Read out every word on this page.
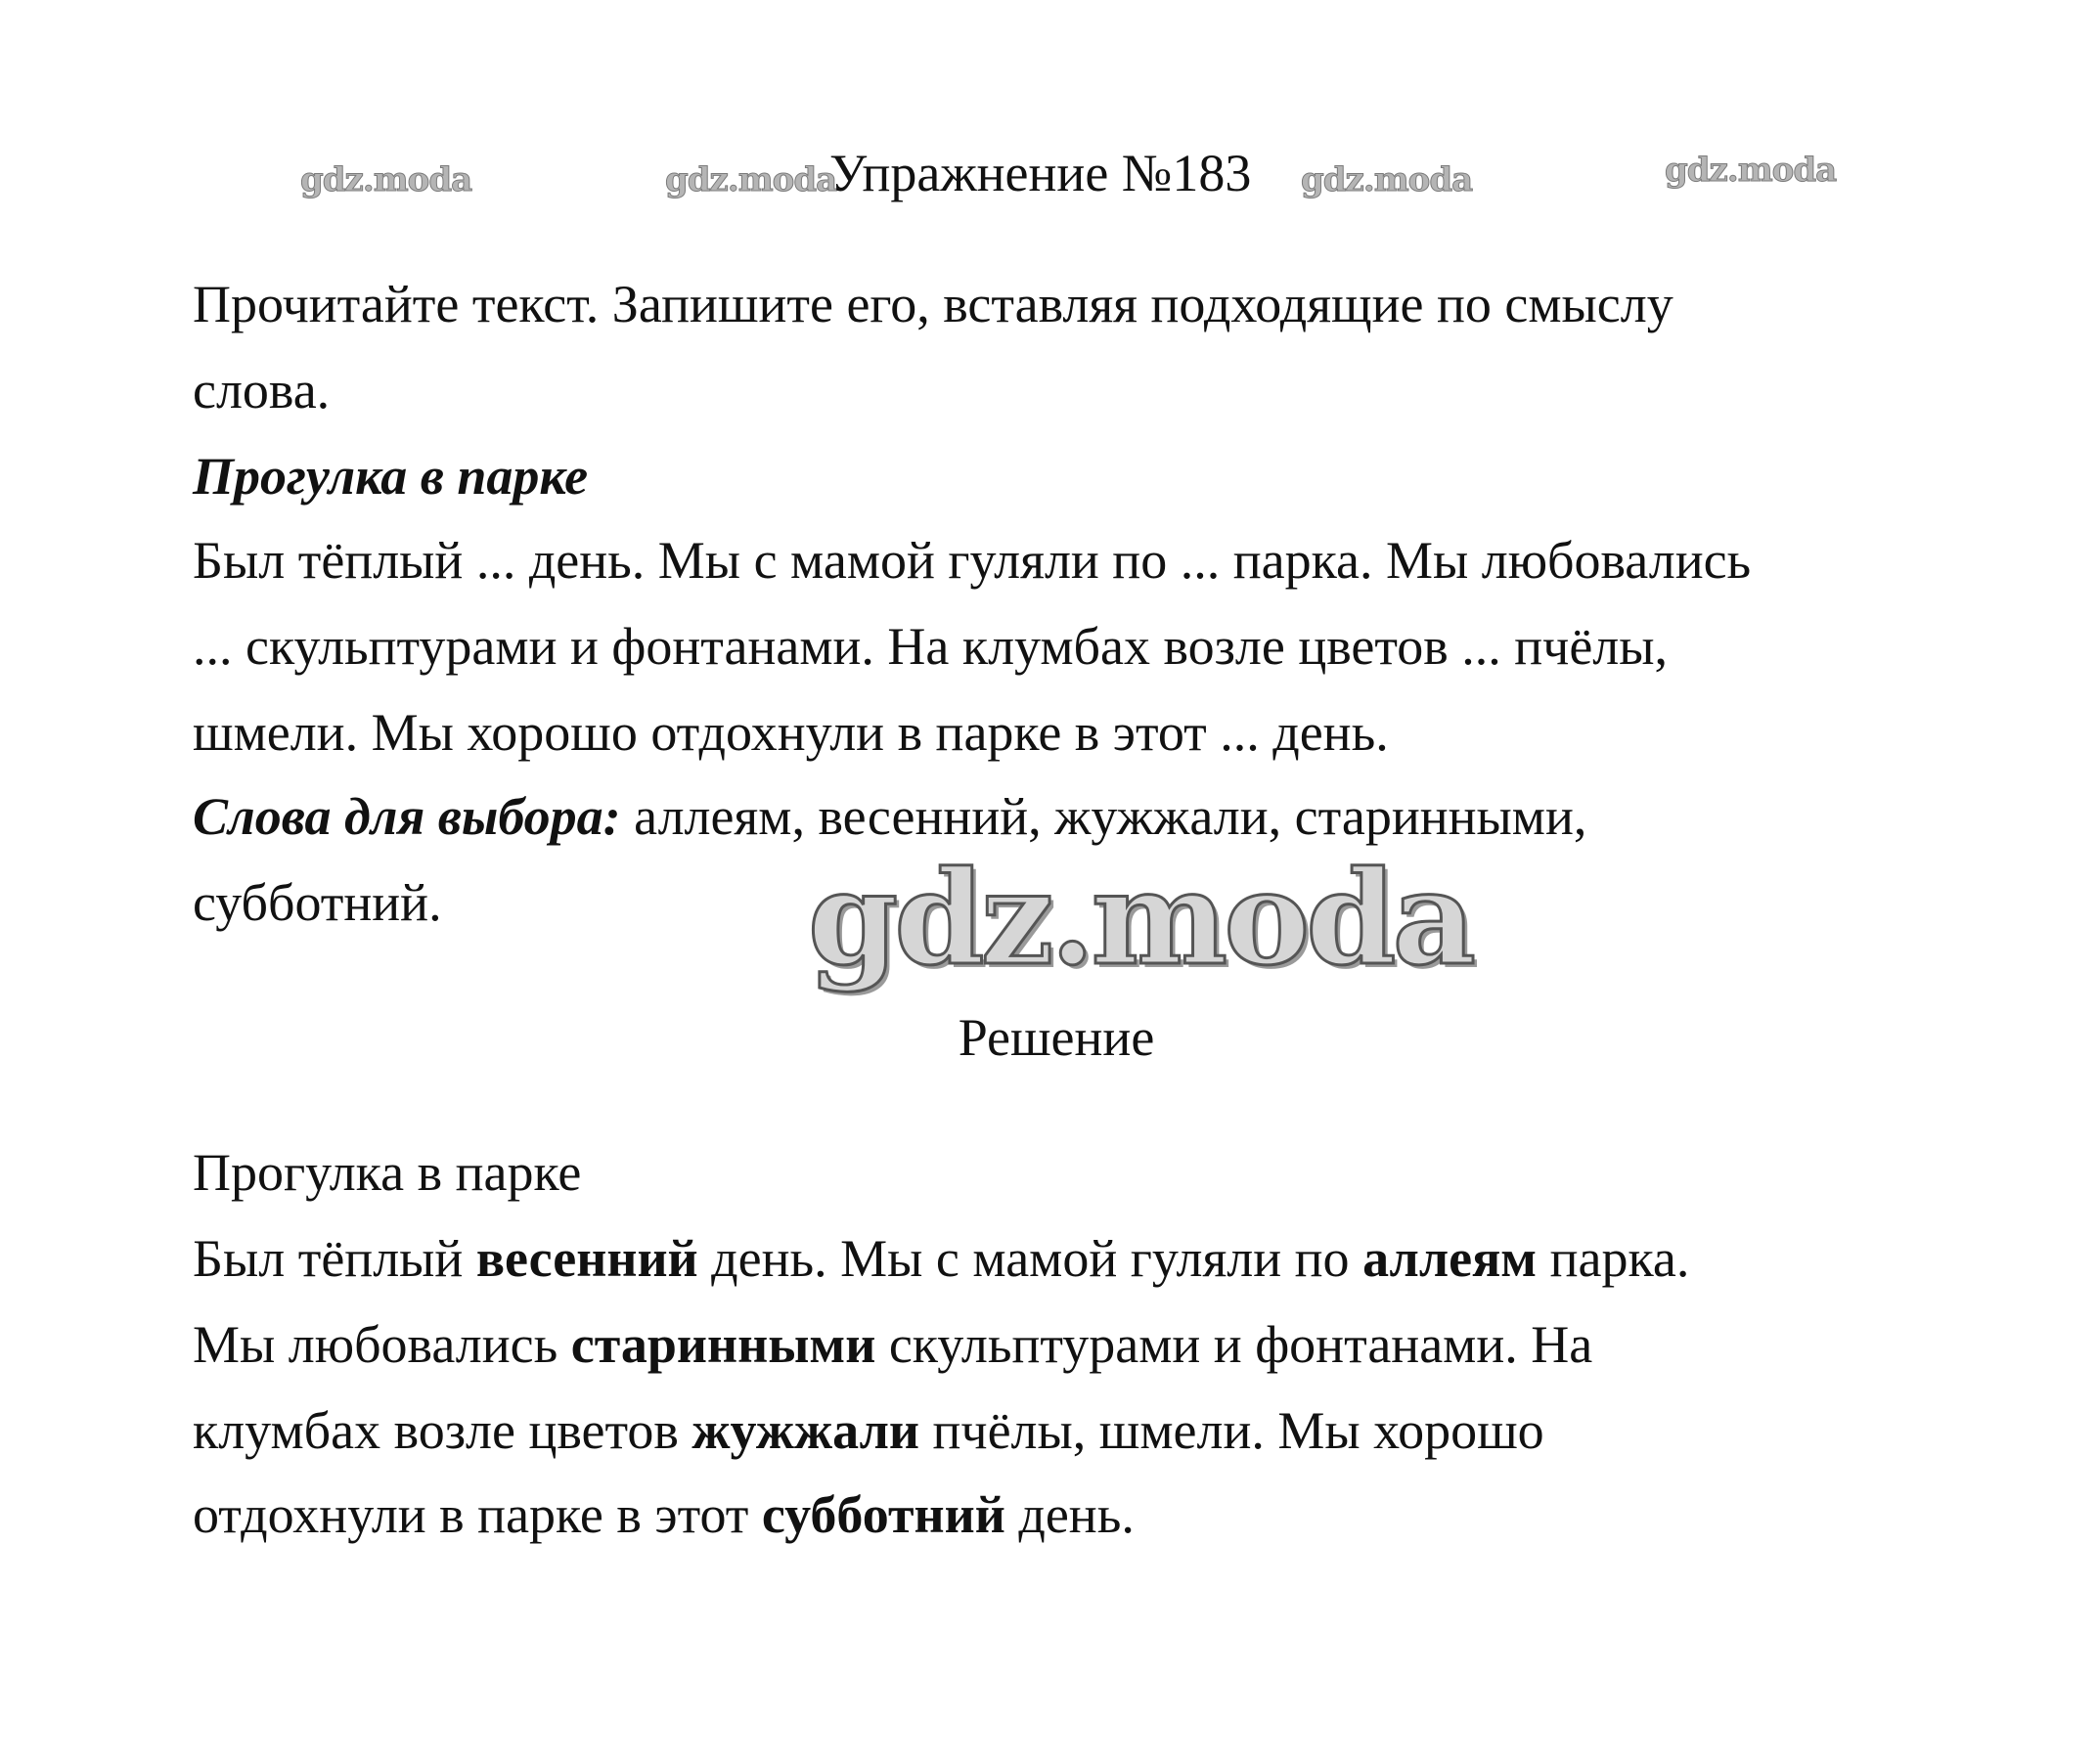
gdz.moda	gdz.moda	gdz.moda	gdz.moda
Упражнение №183
Прочитайте текст. Запишите его, вставляя подходящие по смыслу
слова.
Прогулка в парке
Был тёплый ... день. Мы с мамой гуляли по ... парка. Мы любовались
... скульптурами и фонтанами. На клумбах возле цветов ... пчёлы,
шмели. Мы хорошо отдохнули в парке в этот ... день.
Слова для выбора: аллеям, весенний, жужжали, старинными,
субботний.	gdz.moda
Решение
Прогулка в парке
Был тёплый весенний день. Мы с мамой гуляли по аллеям парка.
Мы любовались старинными скульптурами и фонтанами. На
клумбах возле цветов жужжали пчёлы, шмели. Мы хорошо
отдохнули в парке в этот субботний день.
